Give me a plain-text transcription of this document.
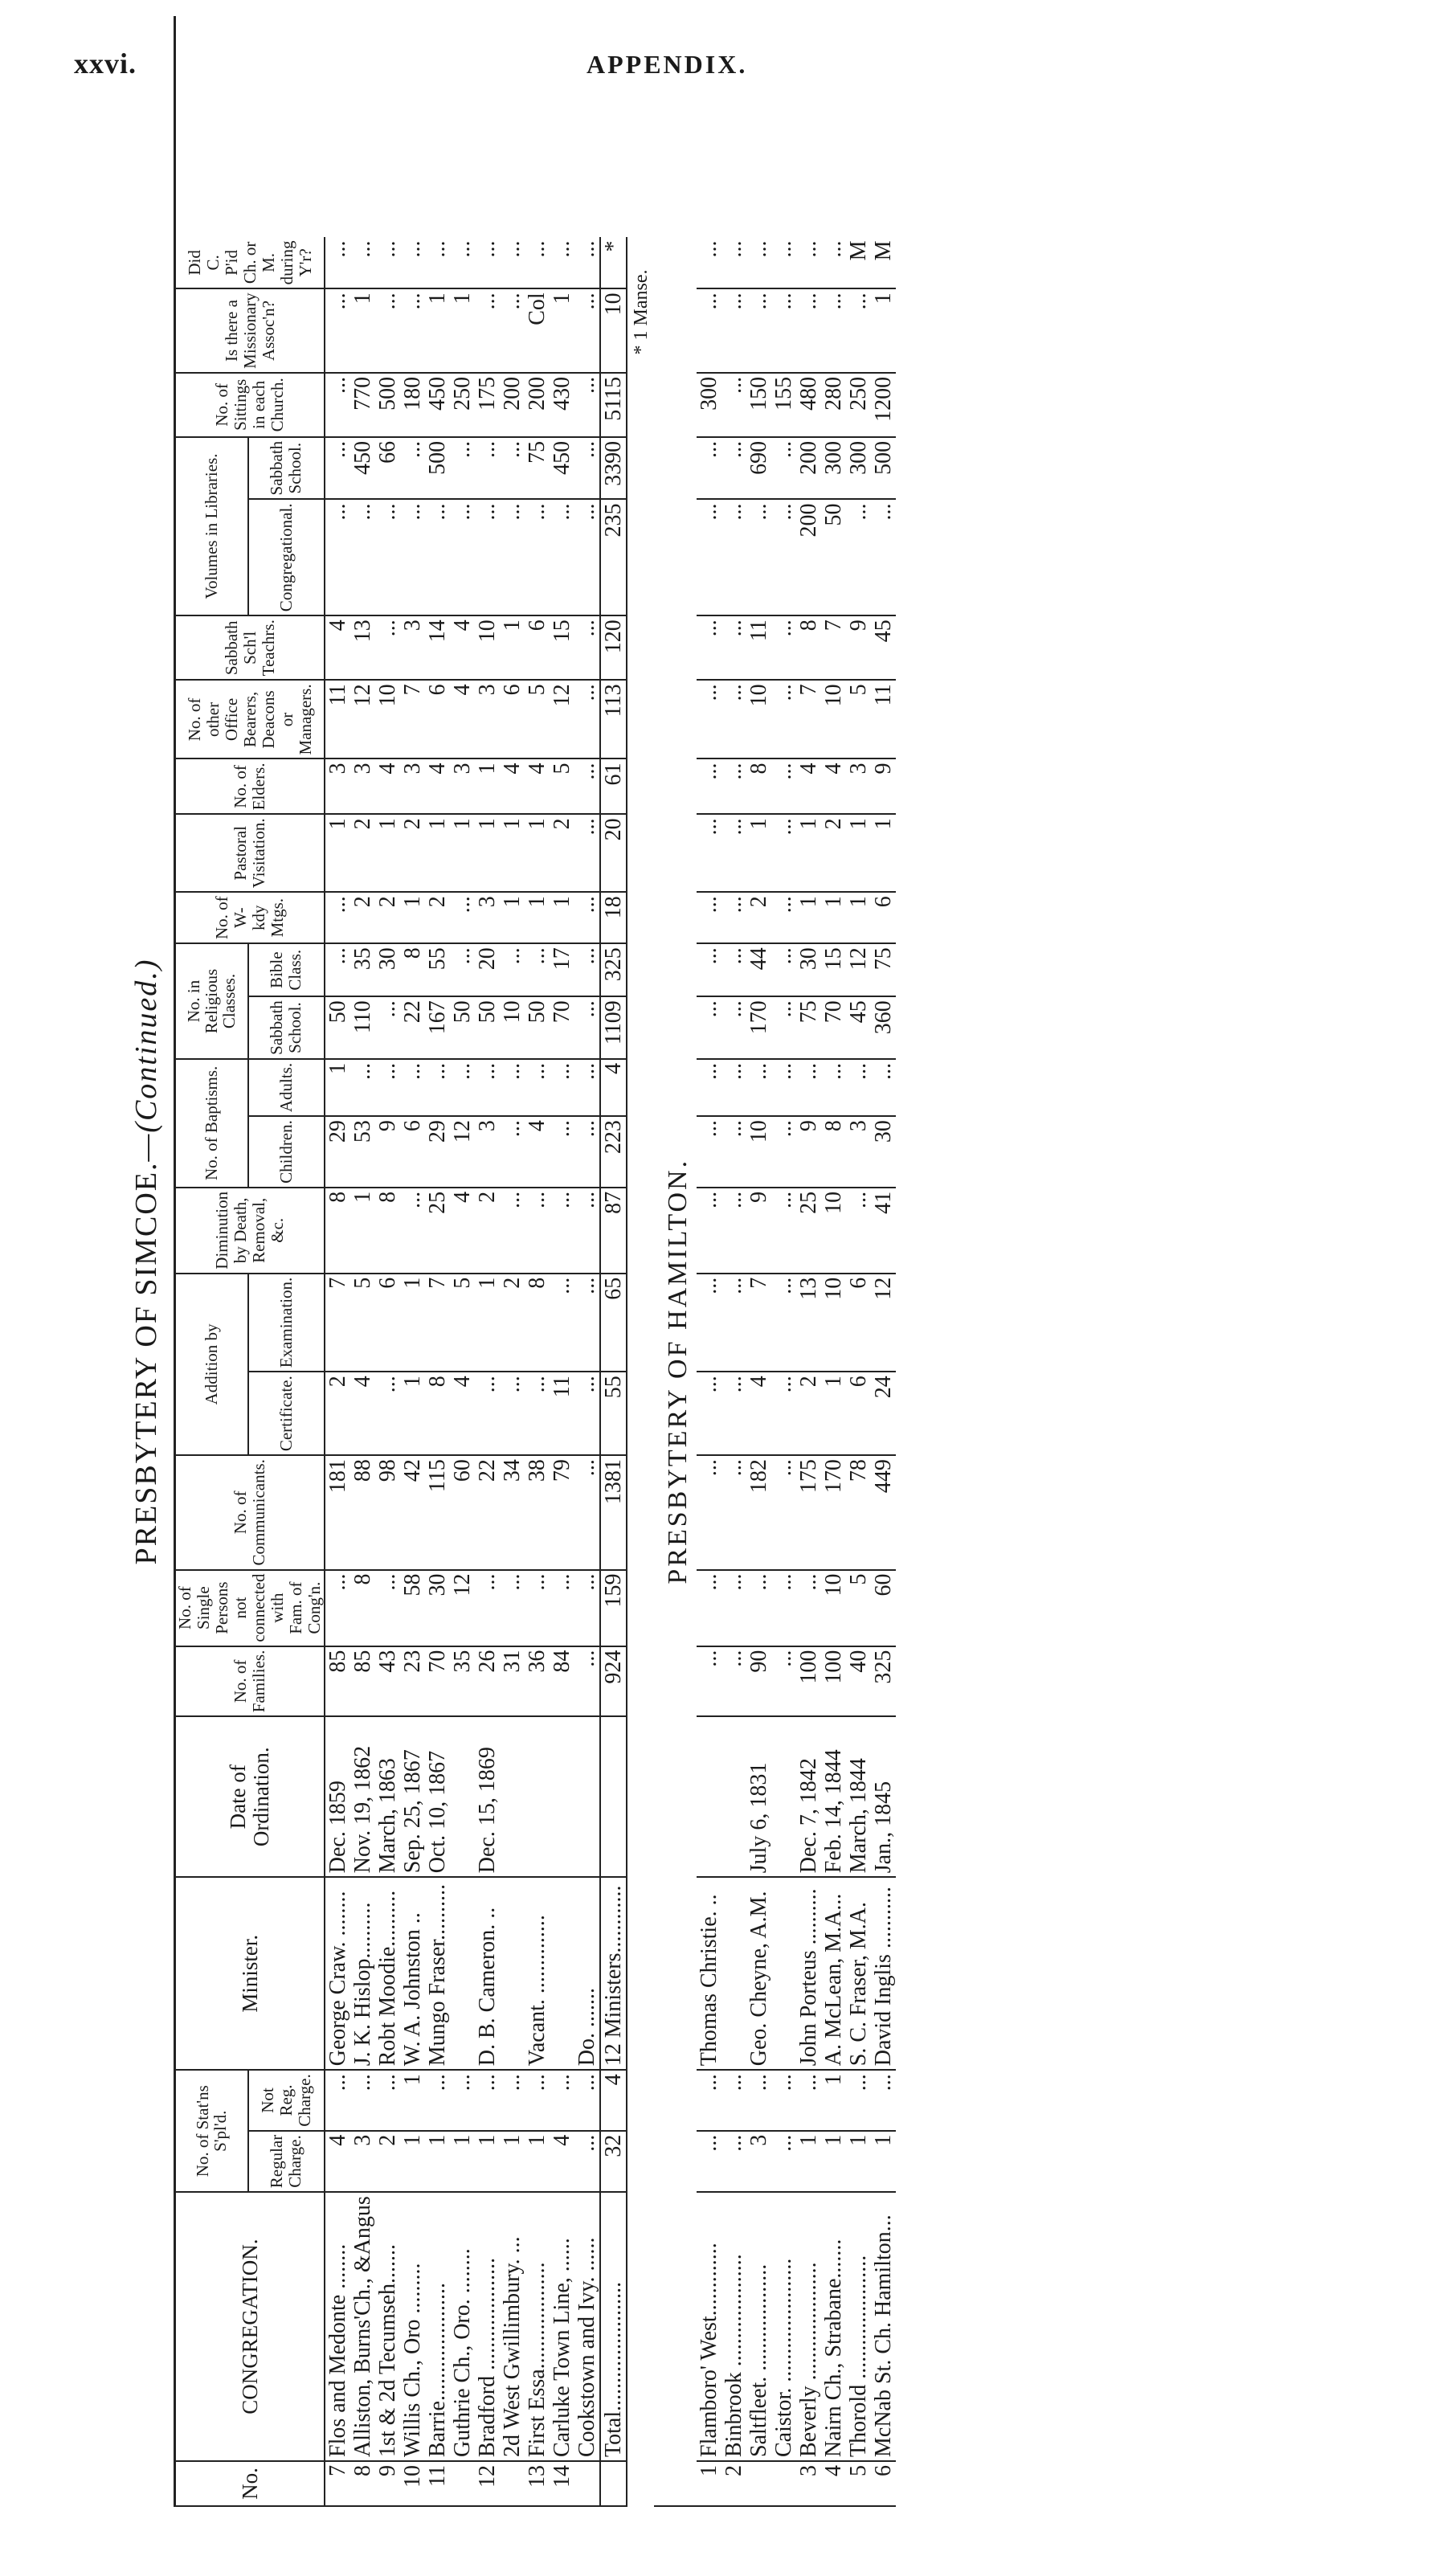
xxvi.	APPENDIX.
PRESBYTERY OF SIMCOE.—(Continued.)
No.	CONGREGATION.	No. of Stat'ns S'pl'd.		Minister.	Date of Ordination.	No. of Families.	No. of Single Persons not connected with Fam. of Cong'n.	No. of Communicants.	Addition by		Diminution by Death, Removal, &c.	No. of Baptisms.		No. in Religious Classes.		No. of W-kdy Mtgs.	Pastoral Visitation.	No. of Elders.	No. of other Office Bearers, Deacons or Managers.	Sabbath Sch'l Teachrs.	Volumes in Libraries.		No. of Sittings in each Church.	Is there a Missionary Assoc'n?	Did C. P'id Ch. or M. during Y'r?
		Regular Charge.	Not Reg. Charge.						Certificate.	Examination.		Children.	Adults.	Sabbath School.	Bible Class.						Congregational.	Sabbath School.			
7	Flos and Medonte ........	4	...	George Craw. ........	Dec. 1859	85	...	181	2	7	8	29	1	50	...	...	1	3	11	4	...	...	...	...	...
8	Alliston, Burns'Ch., &Angus	3	...	J. K. Hislop..........	Nov. 19, 1862	85	8	88	4	5	1	53	...	110	35	2	2	3	12	13	...	450	770	1	...
9	1st & 2d Tecumseh.......	2	...	Robt Moodie..........	March, 1863	43	...	98	...	6	8	9	...	...	30	2	1	4	10	...	...	66	500	...	...
10	Willis Ch., Oro .........	1	1	W. A. Johnston ..	Sep. 25, 1867	23	58	42	1	1	...	6	...	22	8	1	2	3	7	3	...	...	180	...	...
11	Barrie.....................	1	...	Mungo Fraser..........	Oct. 10, 1867	70	30	115	8	7	25	29	...	167	55	2	1	4	6	14	...	500	450	1	...
	Guthrie Ch., Oro. ........	1	...			35	12	60	4	5	4	12	...	50	...	...	1	3	4	4	...	...	250	1	...
12	Bradford ....................	1	...	D. B. Cameron. ..	Dec. 15, 1869	26	...	22	...	1	2	3	...	50	20	3	1	1	3	10	...	...	175	...	...
	2d West Gwillimbury. ...	1	...			31	...	34	...	2	...	...	...	10	...	1	1	4	6	1	...	...	200	...	...
13	First Essa...................	1	...	Vacant. ..............		36	...	38	...	8	...	4	...	50	...	1	1	4	5	6	...	75	200	Col	...
14	Carluke Town Line, ......	4	...			84	...	79	11	...	...	...	...	70	17	1	2	5	12	15	...	450	430	1	...
	Cookstown and Ivy. ......	...	...	Do. .......		...	...	...	...	...	...	...	...	...	...	...	...	...	...	...	...	...	...	...	...
	Total.......................	32	4	12 Ministers............		924	159	1381	55	65	87	223	4	1109	325	18	20	61	113	120	235	3390	5115	10	*
* 1 Manse.																									
PRESBYTERY OF HAMILTON.																									
1	Flamboro' West.............	...	...	Thomas Christie. ..		...	...	...	...	...	...	...	...	...	...	...	...	...	...	...	...	...	300	...	...
2	Binbrook ....................	...	...			...	...	...	...	...	...	...	...	...	...	...	...	...	...	...	...	...	...	...	...
	Saltfleet. ...................	3	...	Geo. Cheyne, A.M.	July 6, 1831	90	...	182	4	7	9	10	...	170	44	2	1	8	10	11	...	690	150	...	...
	Caistor. ......................	...	...			...	...	...	...	...	...	...	...	...	...	...	...	...	...	...	...	...	155	...	...
3	Beverly .....................	1	...	John Porteus ..........	Dec. 7, 1842	100	...	175	2	13	25	9	...	75	30	1	1	4	7	8	200	200	480	...	...
4	Nairn Ch., Strabane.......	1	1	A. McLean, M.A...	Feb. 14, 1844	100	10	170	1	10	10	8	...	70	15	1	2	4	10	7	50	300	280	...	...
5	Thorold ......................	1	...	S. C. Fraser, M.A.	March, 1844	40	5	78	6	6	...	3	...	45	12	1	1	3	5	9	...	300	250	...	M
6	McNab St. Ch. Hamilton...	1	...	David Inglis ...........	Jan., 1845	325	60	449	24	12	41	30	...	360	75	6	1	9	11	45	...	500	1200	1	M
